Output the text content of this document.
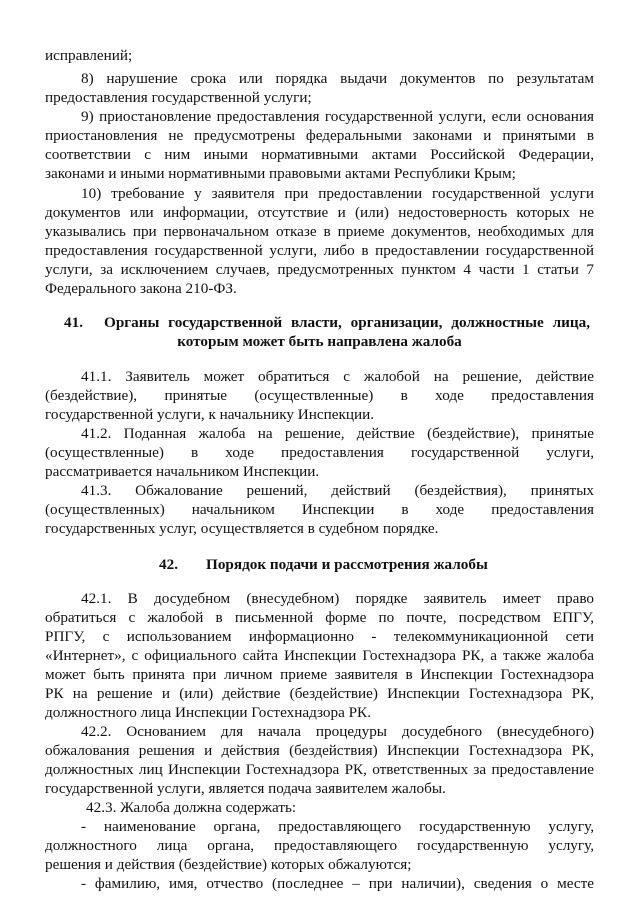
исправлений;
8) нарушение срока или порядка выдачи документов по результатам
предоставления государственной услуги;
9) приостановление предоставления государственной услуги, если основания
приостановления не предусмотрены федеральными законами и принятыми в
соответствии с ним иными нормативными актами Российской Федерации,
законами и иными нормативными правовыми актами Республики Крым;
10) требование у заявителя при предоставлении государственной услуги
документов или информации, отсутствие и (или) недостоверность которых не
указывались при первоначальном отказе в приеме документов, необходимых для
предоставления государственной услуги, либо в предоставлении государственной
услуги, за исключением случаев, предусмотренных пунктом 4 части 1 статьи 7
Федерального закона 210-ФЗ.
41.	Органы государственной власти, организации, должностные лица,
которым может быть направлена жалоба
41.1. Заявитель может обратиться с жалобой на решение, действие
(бездействие), принятые (осуществленные) в ходе предоставления
государственной услуги, к начальнику Инспекции.
41.2. Поданная жалоба на решение, действие (бездействие), принятые
(осуществленные) в ходе предоставления государственной услуги,
рассматривается начальником Инспекции.
41.3. Обжалование решений, действий (бездействия), принятых
(осуществленных) начальником Инспекции в ходе предоставления
государственных услуг, осуществляется в судебном порядке.
42.	Порядок подачи и рассмотрения жалобы
42.1. В досудебном (внесудебном) порядке заявитель имеет право
обратиться с жалобой в письменной форме по почте, посредством ЕПГУ,
РПГУ, с использованием информационно - телекоммуникационной сети
«Интернет», с официального сайта Инспекции Гостехнадзора РК, а также жалоба
может быть принята при личном приеме заявителя в Инспекции Гостехнадзора
РК на решение и (или) действие (бездействие) Инспекции Гостехнадзора РК,
должностного лица Инспекции Гостехнадзора РК.
42.2. Основанием для начала процедуры досудебного (внесудебного)
обжалования решения и действия (бездействия) Инспекции Гостехнадзора РК,
должностных лиц Инспекции Гостехнадзора РК, ответственных за предоставление
государственной услуги, является подача заявителем жалобы.
42.3. Жалоба должна содержать:
- наименование органа, предоставляющего государственную услугу,
должностного лица органа, предоставляющего государственную услугу,
решения и действия (бездействие) которых обжалуются;
- фамилию, имя, отчество (последнее – при наличии), сведения о месте
